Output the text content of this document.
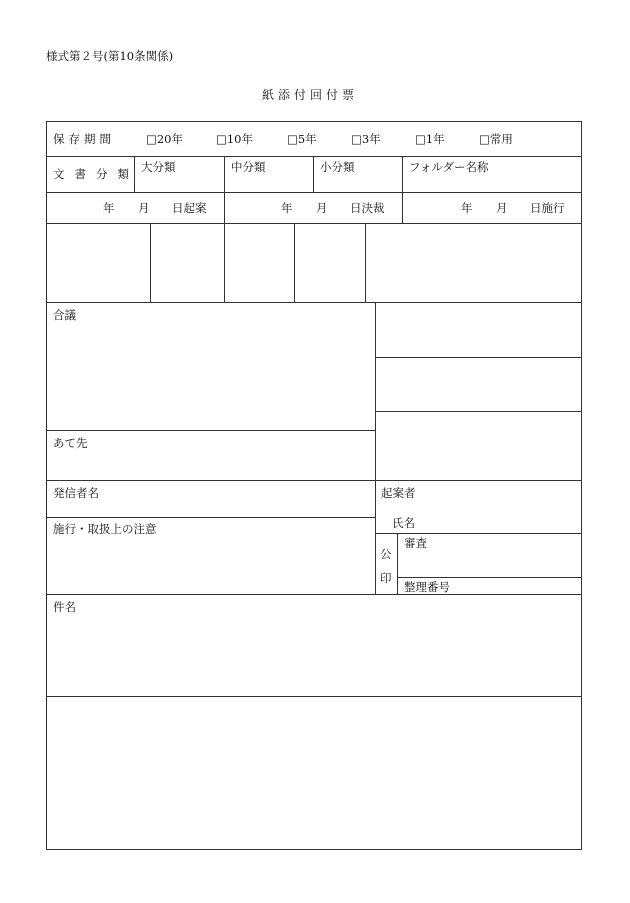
様式第２号(第10条関係)
紙添付回付票
保存期間	□20年	□10年	□5年	□3年	□1年	□常用
文書分類 大分類	中分類	小分類	フォルダー名称
年 月 日起案	年 月 日決裁	年 月 日施行
合議
あて先
発信者名	起案者
氏名
施行・取扱上の注意
公
印
審査
整理番号
件名
